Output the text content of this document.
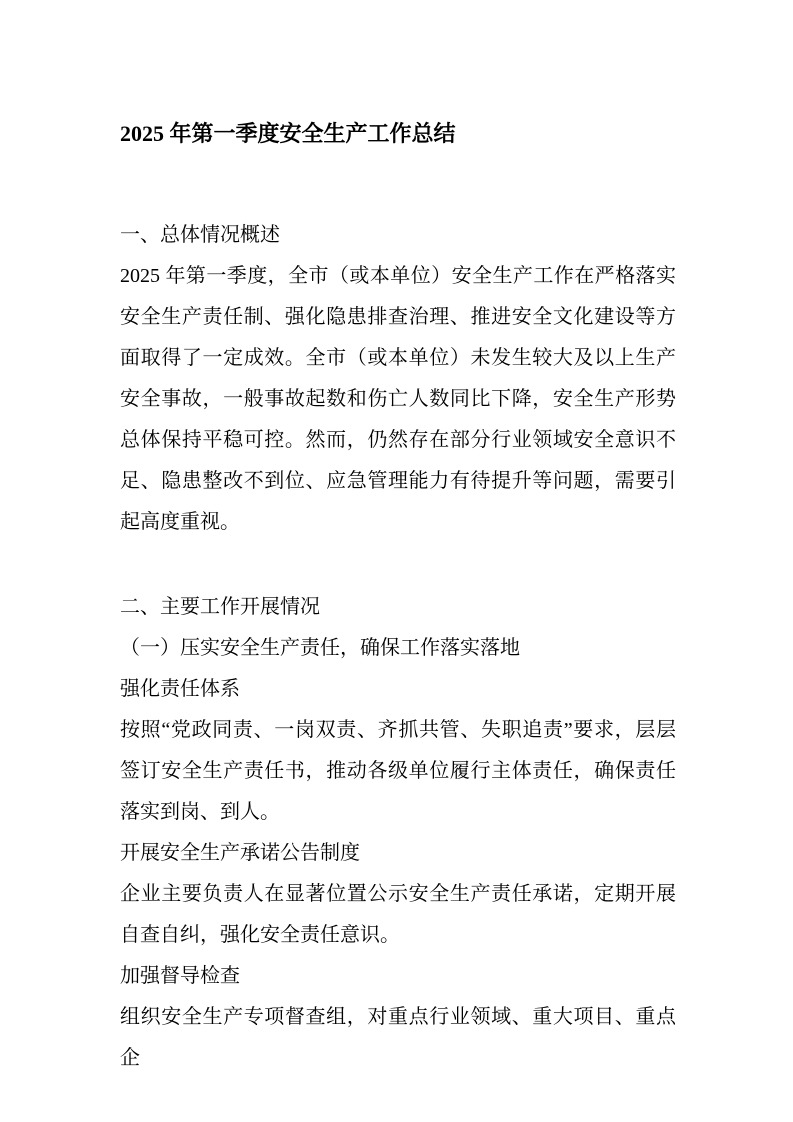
2025 年第一季度安全生产工作总结
一、总体情况概述

2025 年第一季度，全市（或本单位）安全生产工作在严格落实安全生产责任制、强化隐患排查治理、推进安全文化建设等方面取得了一定成效。全市（或本单位）未发生较大及以上生产安全事故，一般事故起数和伤亡人数同比下降，安全生产形势总体保持平稳可控。然而，仍然存在部分行业领域安全意识不足、隐患整改不到位、应急管理能力有待提升等问题，需要引起高度重视。

二、主要工作开展情况
（一）压实安全生产责任，确保工作落实落地
强化责任体系

按照“党政同责、一岗双责、齐抓共管、失职追责”要求，层层签订安全生产责任书，推动各级单位履行主体责任，确保责任落实到岗、到人。

开展安全生产承诺公告制度

企业主要负责人在显著位置公示安全生产责任承诺，定期开展自查自纠，强化安全责任意识。

加强督导检查

组织安全生产专项督查组，对重点行业领域、重大项目、重点企
